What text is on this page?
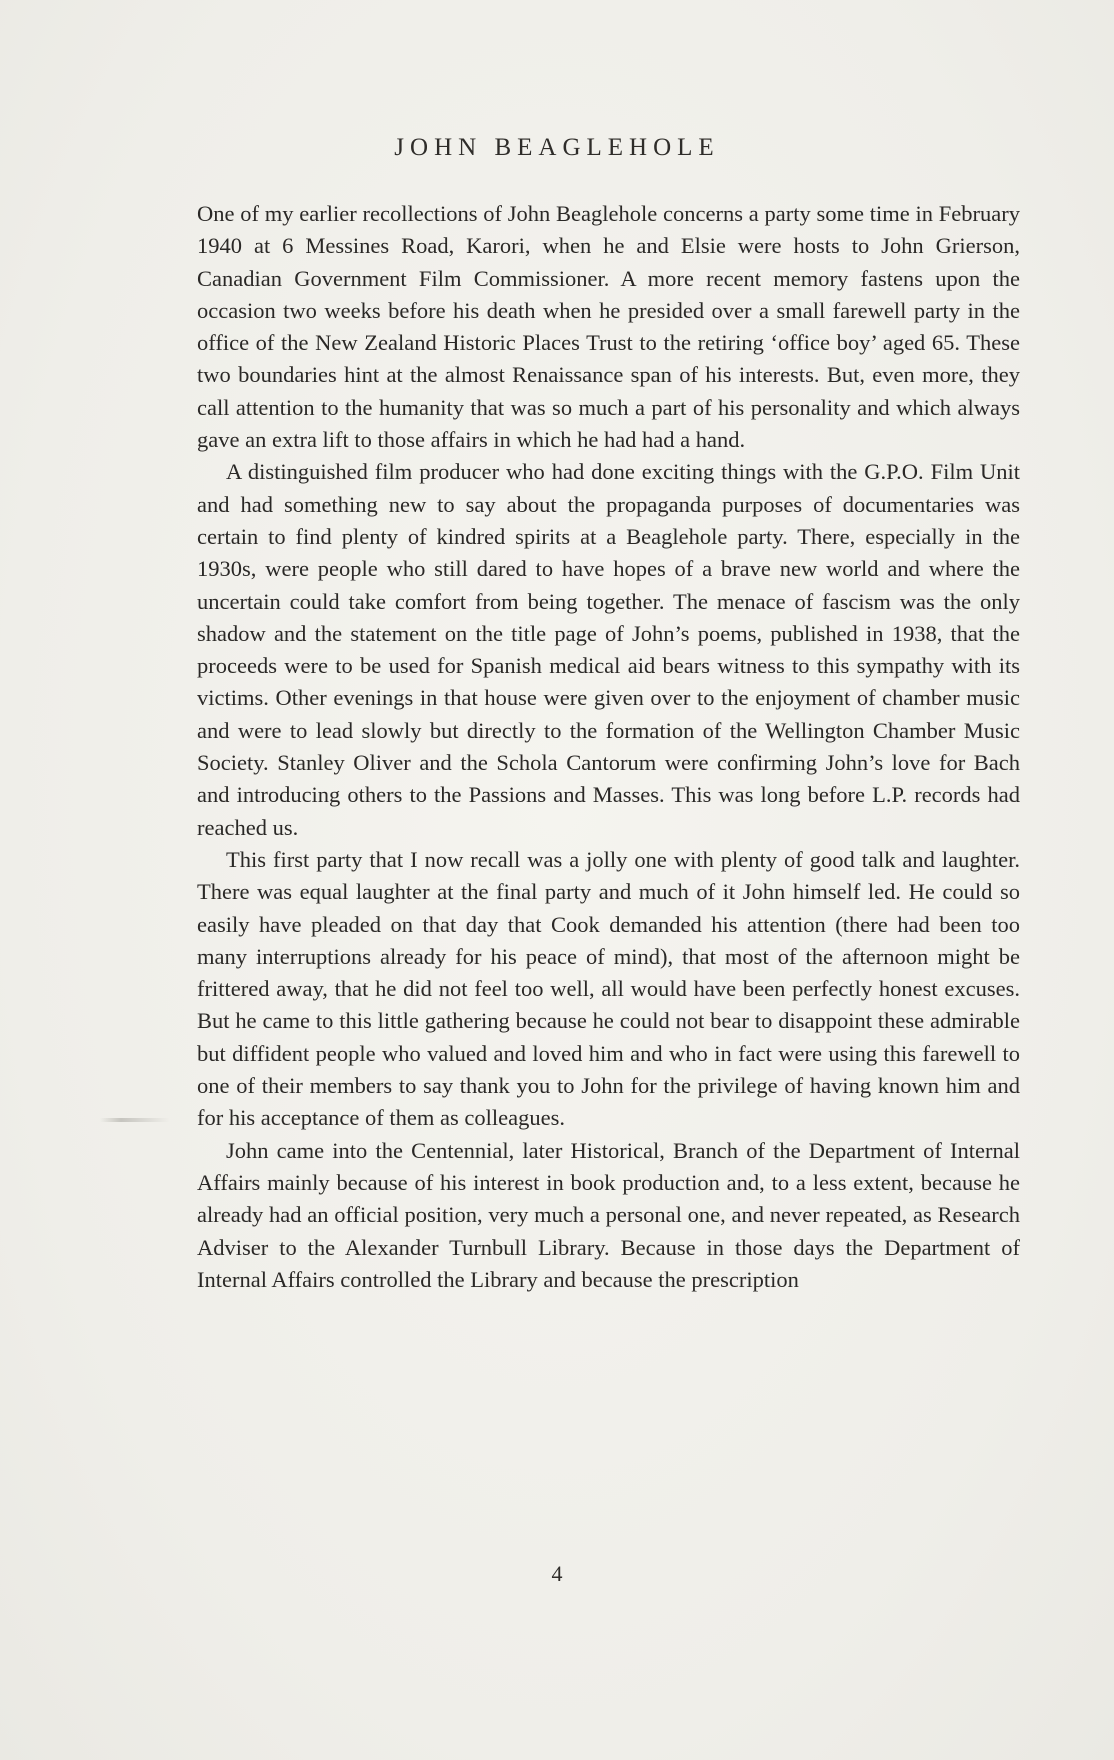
JOHN BEAGLEHOLE

One of my earlier recollections of John Beaglehole concerns a party some time in February 1940 at 6 Messines Road, Karori, when he and Elsie were hosts to John Grierson, Canadian Government Film Commissioner. A more recent memory fastens upon the occasion two weeks before his death when he presided over a small farewell party in the office of the New Zealand Historic Places Trust to the retiring ‘office boy’ aged 65. These two boundaries hint at the almost Renaissance span of his interests. But, even more, they call attention to the humanity that was so much a part of his personality and which always gave an extra lift to those affairs in which he had had a hand.

A distinguished film producer who had done exciting things with the G.P.O. Film Unit and had something new to say about the propaganda purposes of documentaries was certain to find plenty of kindred spirits at a Beaglehole party. There, especially in the 1930s, were people who still dared to have hopes of a brave new world and where the uncertain could take comfort from being together. The menace of fascism was the only shadow and the statement on the title page of John’s poems, published in 1938, that the proceeds were to be used for Spanish medical aid bears witness to this sympathy with its victims. Other evenings in that house were given over to the enjoyment of chamber music and were to lead slowly but directly to the formation of the Wellington Chamber Music Society. Stanley Oliver and the Schola Cantorum were confirming John’s love for Bach and introducing others to the Passions and Masses. This was long before L.P. records had reached us.

This first party that I now recall was a jolly one with plenty of good talk and laughter. There was equal laughter at the final party and much of it John himself led. He could so easily have pleaded on that day that Cook demanded his attention (there had been too many interruptions already for his peace of mind), that most of the afternoon might be frittered away, that he did not feel too well, all would have been perfectly honest excuses. But he came to this little gathering because he could not bear to disappoint these admirable but diffident people who valued and loved him and who in fact were using this farewell to one of their members to say thank you to John for the privilege of having known him and for his acceptance of them as colleagues.

John came into the Centennial, later Historical, Branch of the Department of Internal Affairs mainly because of his interest in book production and, to a less extent, because he already had an official position, very much a personal one, and never repeated, as Research Adviser to the Alexander Turnbull Library. Because in those days the Department of Internal Affairs controlled the Library and because the prescription

4
